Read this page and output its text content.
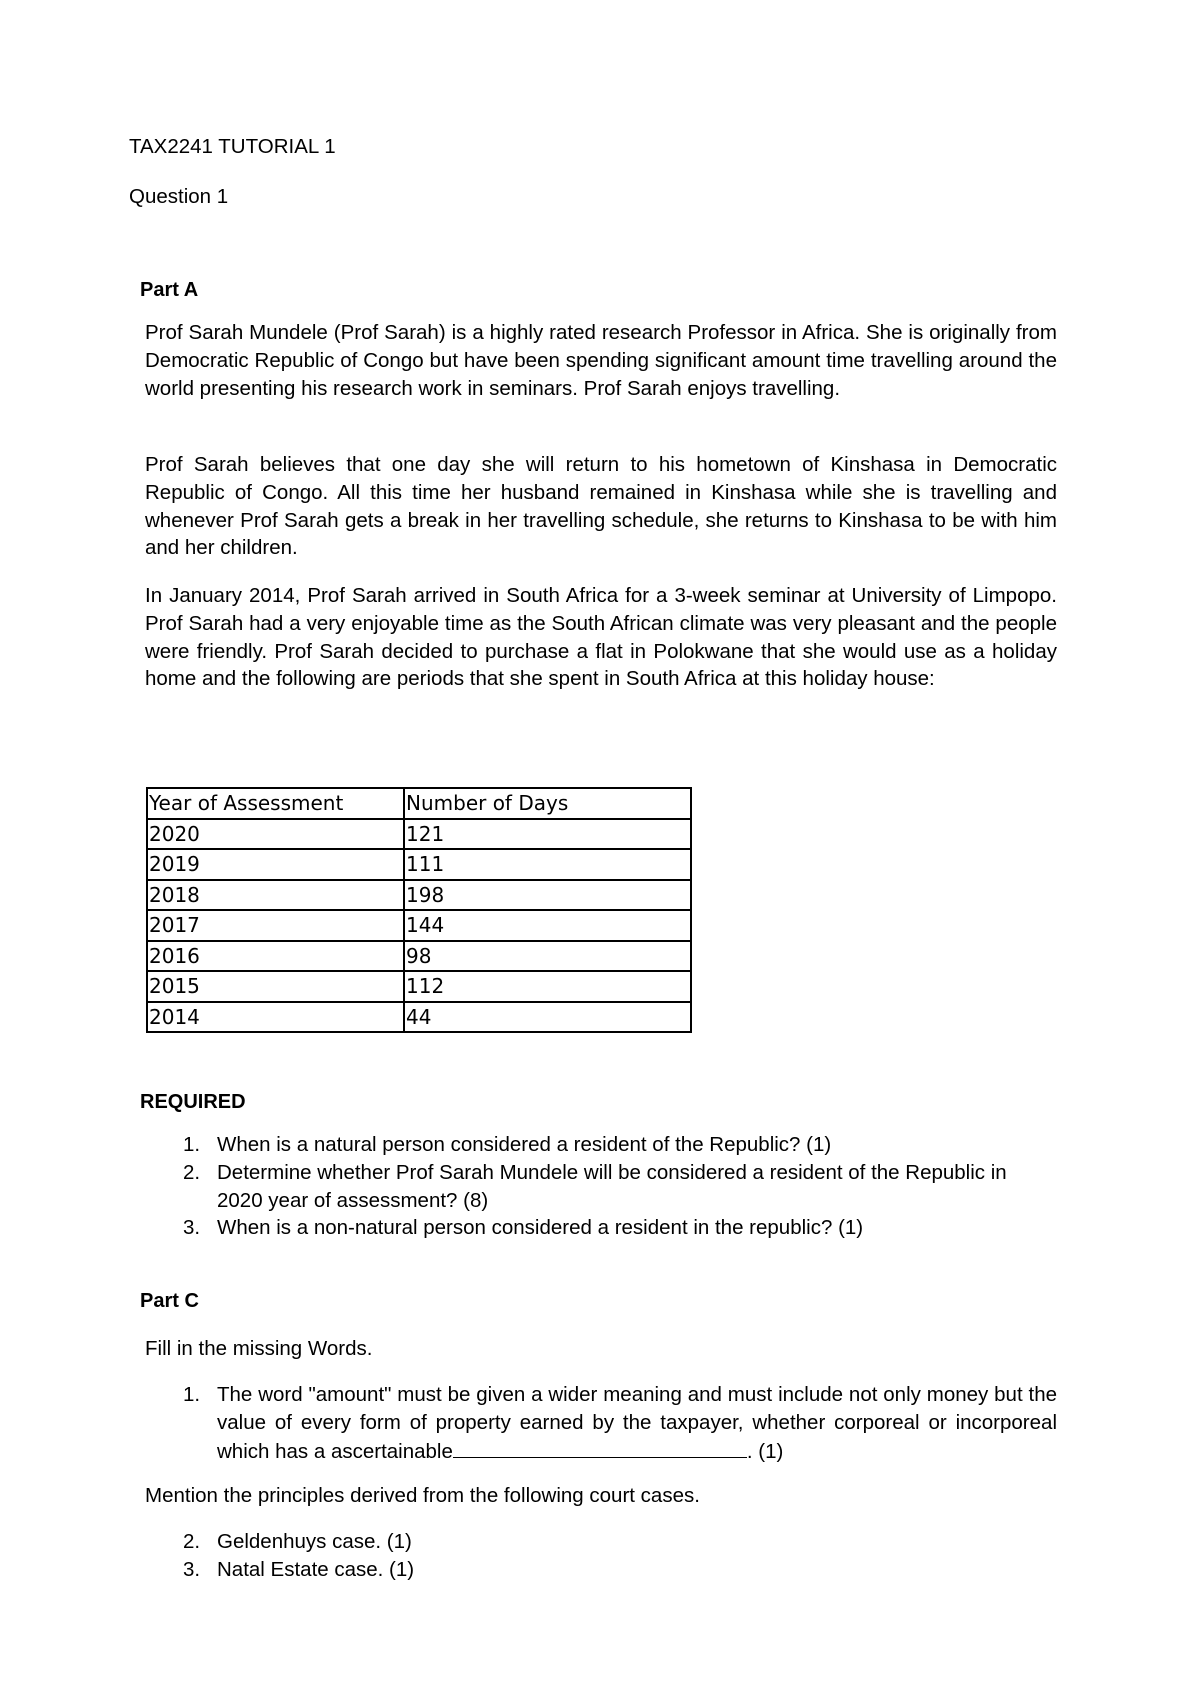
TAX2241 TUTORIAL 1

Question 1

Part A

Prof Sarah Mundele (Prof Sarah) is a highly rated research Professor in Africa. She is originally from Democratic Republic of Congo but have been spending significant amount time travelling around the world presenting his research work in seminars. Prof Sarah enjoys travelling.

Prof Sarah believes that one day she will return to his hometown of Kinshasa in Democratic Republic of Congo. All this time her husband remained in Kinshasa while she is travelling and whenever Prof Sarah gets a break in her travelling schedule, she returns to Kinshasa to be with him and her children.

In January 2014, Prof Sarah arrived in South Africa for a 3-week seminar at University of Limpopo. Prof Sarah had a very enjoyable time as the South African climate was very pleasant and the people were friendly. Prof Sarah decided to purchase a flat in Polokwane that she would use as a holiday home and the following are periods that she spent in South Africa at this holiday house:

Year of Assessment	Number of Days
2020	121
2019	111
2018	198
2017	144
2016	98
2015	112
2014	44

REQUIRED

1. When is a natural person considered a resident of the Republic? (1)
2. Determine whether Prof Sarah Mundele will be considered a resident of the Republic in 2020 year of assessment? (8)
3. When is a non-natural person considered a resident in the republic? (1)

Part C

Fill in the missing Words.

1. The word "amount" must be given a wider meaning and must include not only money but the value of every form of property earned by the taxpayer, whether corporeal or incorporeal which has a ascertainable	. (1)

Mention the principles derived from the following court cases.

2. Geldenhuys case. (1)
3. Natal Estate case. (1)
